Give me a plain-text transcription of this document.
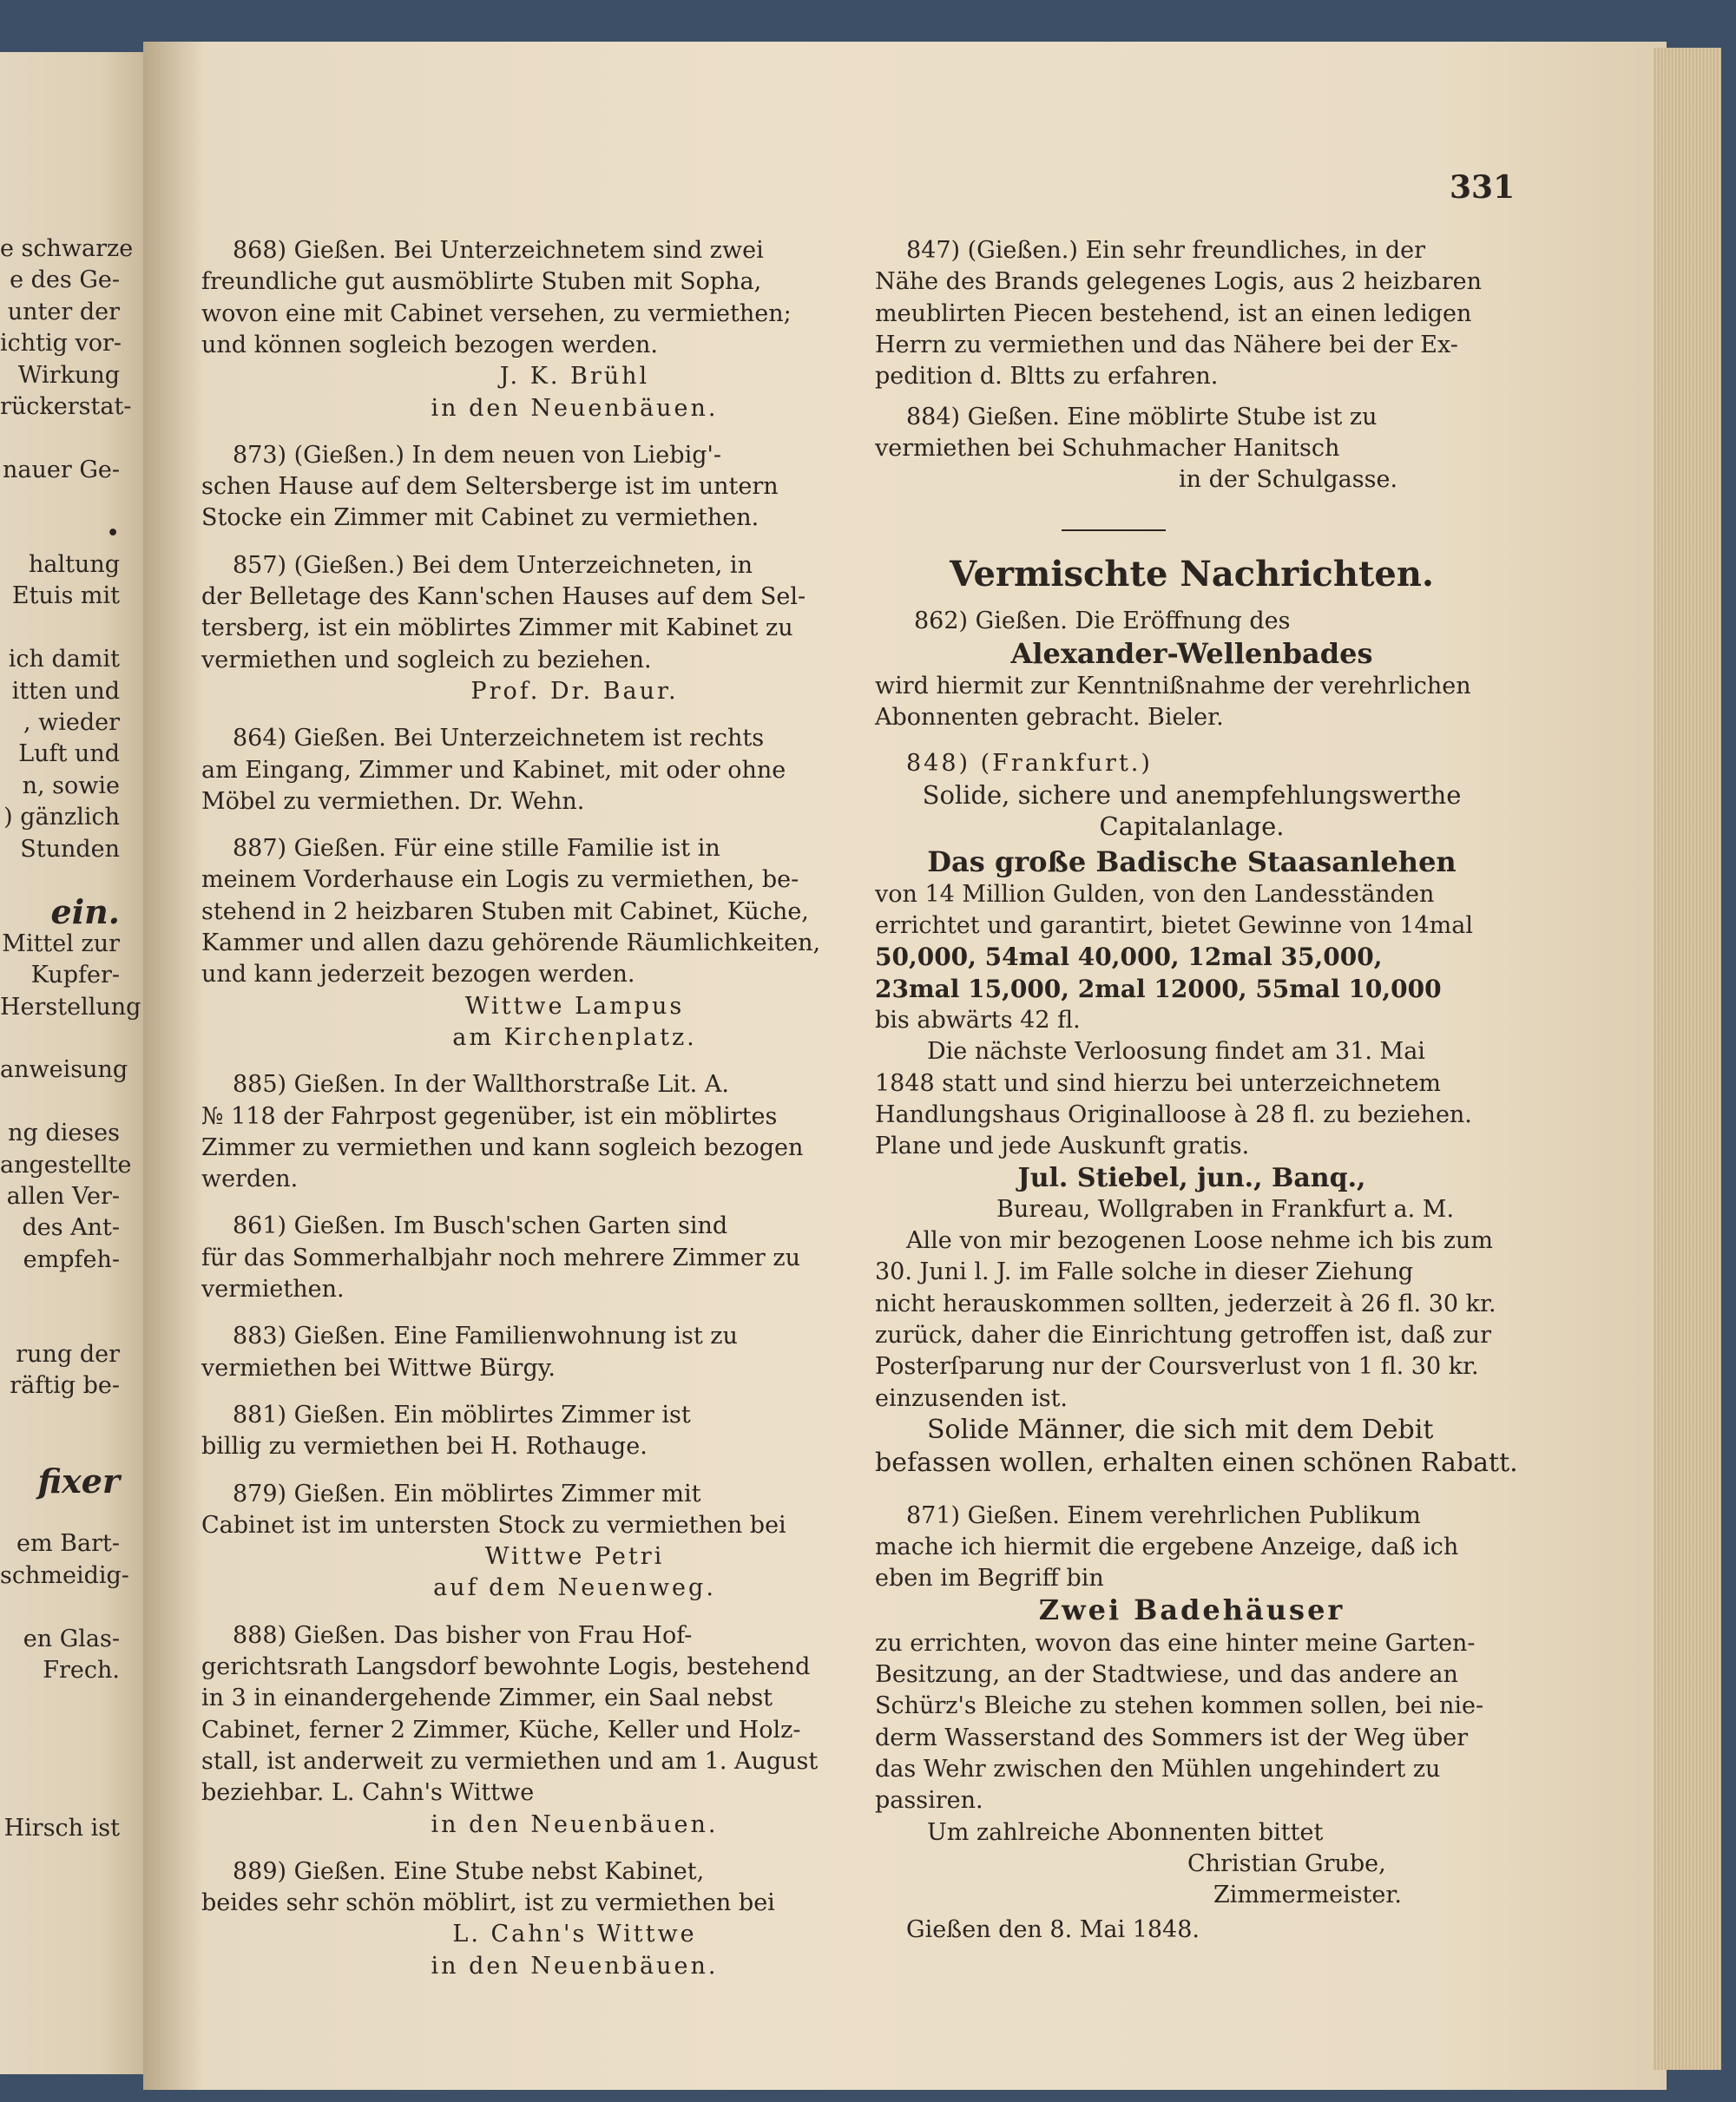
331
e schwarze
e des Ge-
unter der
ichtig vor-
Wirkung
rückerstat-
nauer Ge-
•
haltung
Etuis mit
ich damit
itten und
, wieder
Luft und
n, sowie
) gänzlich
Stunden
ein.
Mittel zur
Kupfer-
Herstellung
anweisung
ng dieses
angestellte
allen Ver-
des Ant-
empfeh-
rung der
räftig be-
fixer
em Bart-
schmeidig-
en Glas-
Frech.
Hirsch ist
868) Gießen. Bei Unterzeichnetem sind zwei
freundliche gut ausmöblirte Stuben mit Sopha,
wovon eine mit Cabinet versehen, zu vermiethen;
und können sogleich bezogen werden.
J. K. Brühl
in den Neuenbäuen.
873) (Gießen.) In dem neuen von Liebig'-
schen Hause auf dem Seltersberge ist im untern
Stocke ein Zimmer mit Cabinet zu vermiethen.
857) (Gießen.) Bei dem Unterzeichneten, in
der Belletage des Kann'schen Hauses auf dem Sel-
tersberg, ist ein möblirtes Zimmer mit Kabinet zu
vermiethen und sogleich zu beziehen.
Prof. Dr. Baur.
864) Gießen. Bei Unterzeichnetem ist rechts
am Eingang, Zimmer und Kabinet, mit oder ohne
Möbel zu vermiethen. Dr. Wehn.
887) Gießen. Für eine stille Familie ist in
meinem Vorderhause ein Logis zu vermiethen, be-
stehend in 2 heizbaren Stuben mit Cabinet, Küche,
Kammer und allen dazu gehörende Räumlichkeiten,
und kann jederzeit bezogen werden.
Wittwe Lampus
am Kirchenplatz.
885) Gießen. In der Wallthorstraße Lit. A.
№ 118 der Fahrpost gegenüber, ist ein möblirtes
Zimmer zu vermiethen und kann sogleich bezogen
werden.
861) Gießen. Im Busch'schen Garten sind
für das Sommerhalbjahr noch mehrere Zimmer zu
vermiethen.
883) Gießen. Eine Familienwohnung ist zu
vermiethen bei Wittwe Bürgy.
881) Gießen. Ein möblirtes Zimmer ist
billig zu vermiethen bei H. Rothauge.
879) Gießen. Ein möblirtes Zimmer mit
Cabinet ist im untersten Stock zu vermiethen bei
Wittwe Petri
auf dem Neuenweg.
888) Gießen. Das bisher von Frau Hof-
gerichtsrath Langsdorf bewohnte Logis, bestehend
in 3 in einandergehende Zimmer, ein Saal nebst
Cabinet, ferner 2 Zimmer, Küche, Keller und Holz-
stall, ist anderweit zu vermiethen und am 1. August
beziehbar. L. Cahn's Wittwe
in den Neuenbäuen.
889) Gießen. Eine Stube nebst Kabinet,
beides sehr schön möblirt, ist zu vermiethen bei
L. Cahn's Wittwe
in den Neuenbäuen.
847) (Gießen.) Ein sehr freundliches, in der
Nähe des Brands gelegenes Logis, aus 2 heizbaren
meublirten Piecen bestehend, ist an einen ledigen
Herrn zu vermiethen und das Nähere bei der Ex-
pedition d. Bltts zu erfahren.
884) Gießen. Eine möblirte Stube ist zu
vermiethen bei Schuhmacher Hanitsch
in der Schulgasse.
Vermischte Nachrichten.
862) Gießen. Die Eröffnung des
Alexander-Wellenbades
wird hiermit zur Kenntnißnahme der verehrlichen
Abonnenten gebracht. Bieler.
848) (Frankfurt.)
Solide, sichere und anempfehlungswerthe
Capitalanlage.
Das große Badische Staasanlehen
von 14 Million Gulden, von den Landesständen
errichtet und garantirt, bietet Gewinne von 14mal
50,000, 54mal 40,000, 12mal 35,000,
23mal 15,000, 2mal 12000, 55mal 10,000
bis abwärts 42 fl.
Die nächste Verloosung findet am 31. Mai
1848 statt und sind hierzu bei unterzeichnetem
Handlungshaus Originalloose à 28 fl. zu beziehen.
Plane und jede Auskunft gratis.
Jul. Stiebel, jun., Banq.,
Bureau, Wollgraben in Frankfurt a. M.
Alle von mir bezogenen Loose nehme ich bis zum
30. Juni l. J. im Falle solche in dieser Ziehung
nicht herauskommen sollten, jederzeit à 26 fl. 30 kr.
zurück, daher die Einrichtung getroffen ist, daß zur
Posterſparung nur der Coursverlust von 1 fl. 30 kr.
einzusenden ist.
Solide Männer, die sich mit dem Debit
befassen wollen, erhalten einen schönen Rabatt.
871) Gießen. Einem verehrlichen Publikum
mache ich hiermit die ergebene Anzeige, daß ich
eben im Begriff bin
Zwei Badehäuser
zu errichten, wovon das eine hinter meine Garten-
Besitzung, an der Stadtwiese, und das andere an
Schürz's Bleiche zu stehen kommen sollen, bei nie-
derm Wasserstand des Sommers ist der Weg über
das Wehr zwischen den Mühlen ungehindert zu
passiren.
Um zahlreiche Abonnenten bittet
Christian Grube,
Zimmermeister.
Gießen den 8. Mai 1848.
